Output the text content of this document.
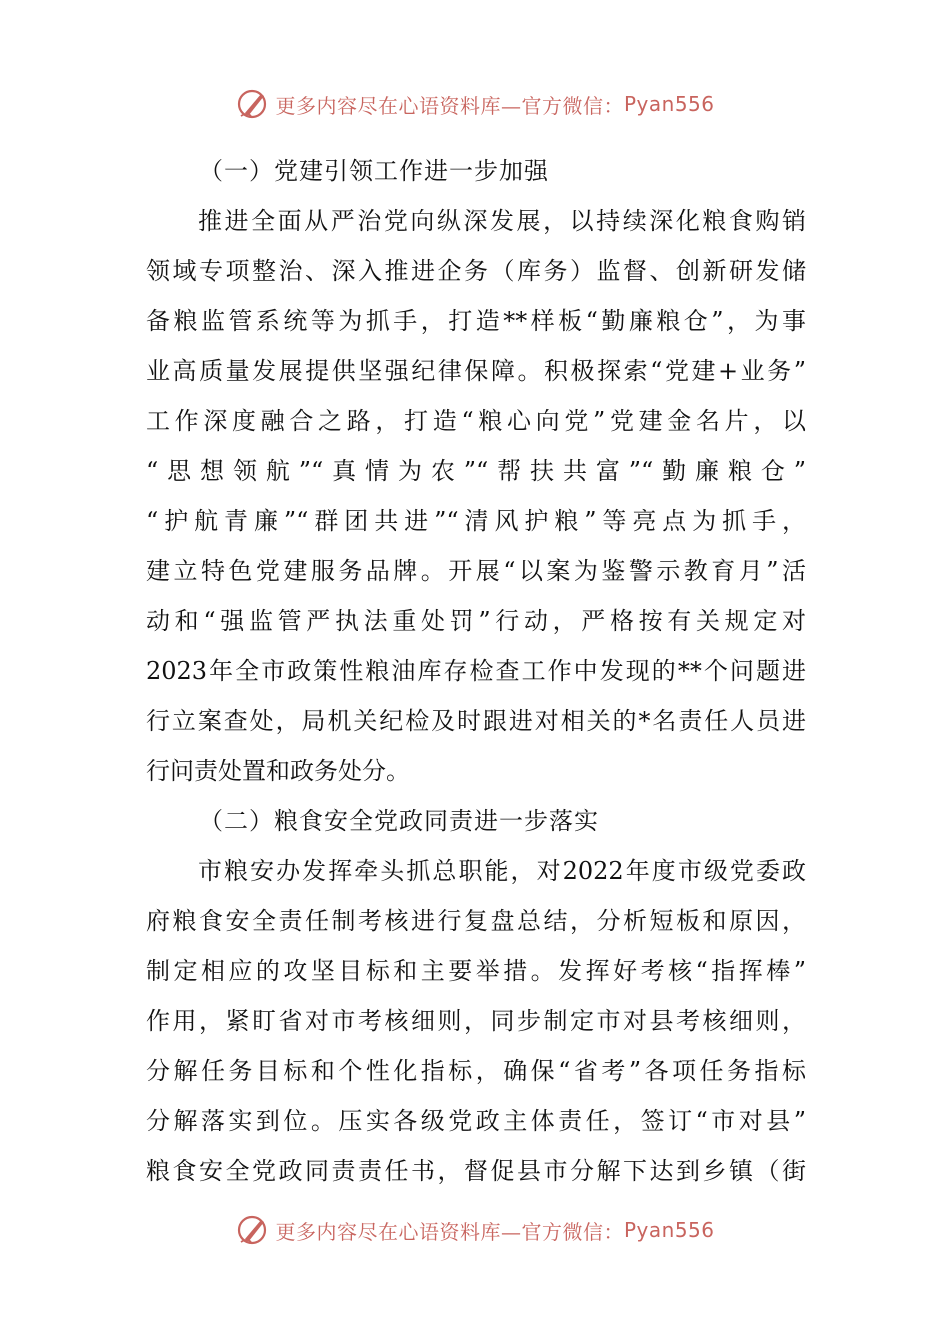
更多内容尽在心语资料库—官方微信： Pyan556
（一）党建引领工作进一步加强
推进全面从严治党向纵深发展，以持续深化粮食购销
领域专项整治、深入推进企务（库务）监督、创新研发储
备粮监管系统等为抓手，打造**样板“勤廉粮仓”，为事
业高质量发展提供坚强纪律保障。积极探索“党建+业务”
工作深度融合之路，打造“粮心向党”党建金名片，以
“思想领航”“真情为农”“帮扶共富”“勤廉粮仓”
“护航青廉”“群团共进”“清风护粮”等亮点为抓手，
建立特色党建服务品牌。开展“以案为鉴警示教育月”活
动和“强监管严执法重处罚”行动，严格按有关规定对
2023年全市政策性粮油库存检查工作中发现的**个问题进
行立案查处，局机关纪检及时跟进对相关的*名责任人员进
行问责处置和政务处分。
（二）粮食安全党政同责进一步落实
市粮安办发挥牵头抓总职能，对2022年度市级党委政
府粮食安全责任制考核进行复盘总结，分析短板和原因，
制定相应的攻坚目标和主要举措。发挥好考核“指挥棒”
作用，紧盯省对市考核细则，同步制定市对县考核细则，
分解任务目标和个性化指标，确保“省考”各项任务指标
分解落实到位。压实各级党政主体责任，签订“市对县”
粮食安全党政同责责任书，督促县市分解下达到乡镇（街
更多内容尽在心语资料库—官方微信： Pyan556
